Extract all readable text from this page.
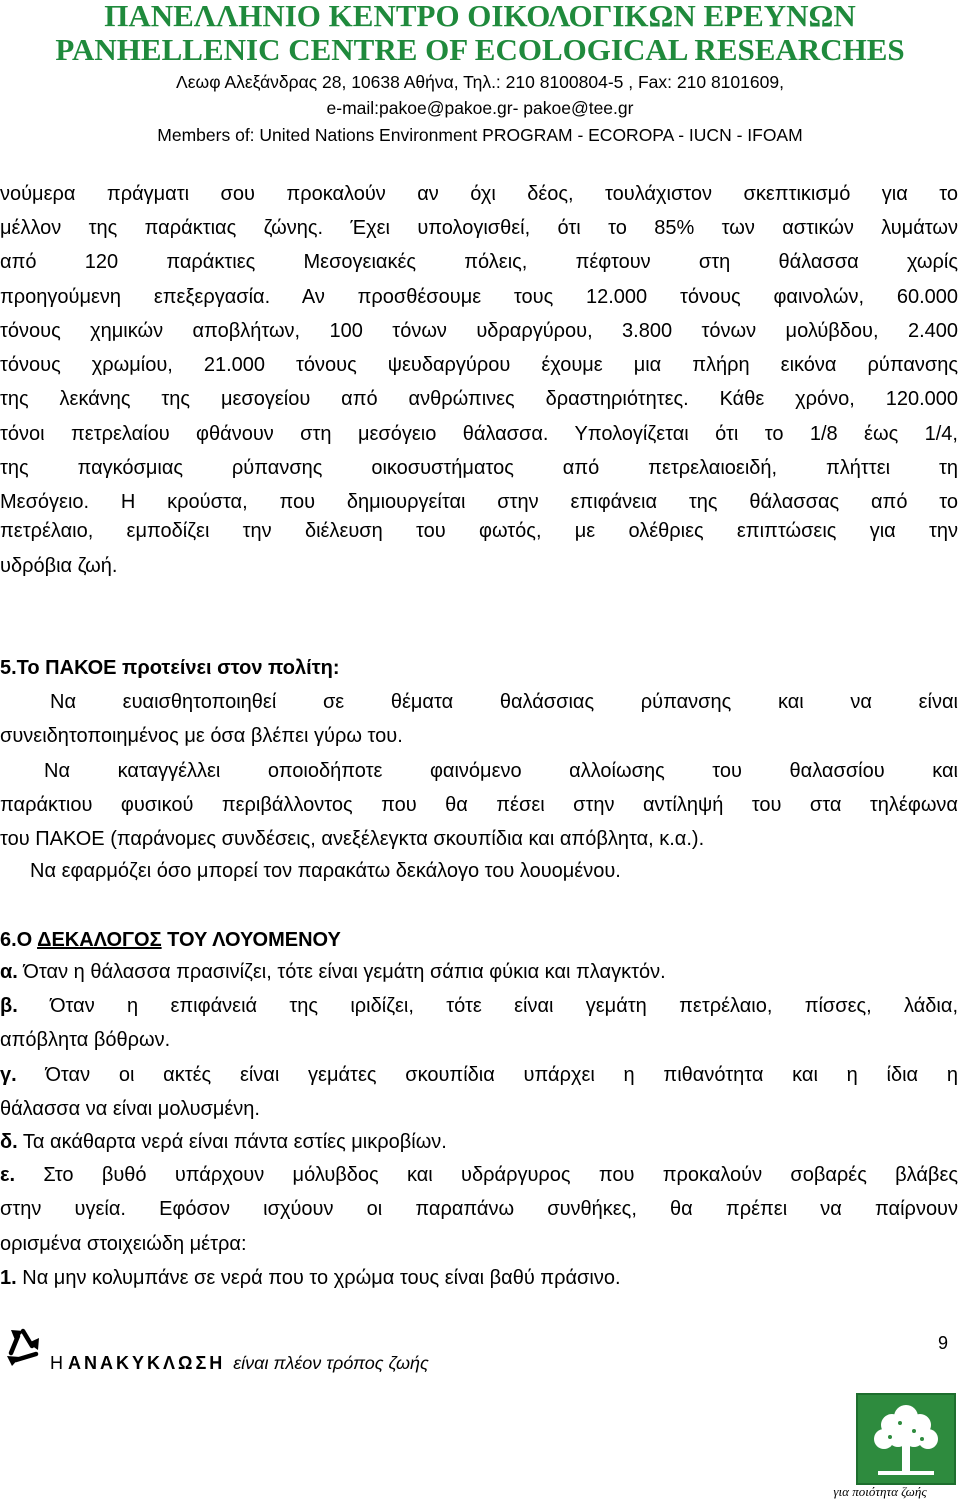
ΠΑΝΕΛΛΗΝΙΟ ΚΕΝΤΡΟ ΟΙΚΟΛΟΓΙΚΩΝ ΕΡΕΥΝΩΝ
PANHELLENIC CENTRE OF ECOLOGICAL RESEARCHES
Λεωφ Αλεξάνδρας 28, 10638 Αθήνα, Τηλ.: 210 8100804-5 , Fax: 210 8101609,
e-mail:pakoe@pakoe.gr- pakoe@tee.gr
Members of: United Nations Environment PROGRAM - ECOROPA - IUCN - IFOAM
νούμερα πράγματι σου προκαλούν αν όχι δέος, τουλάχιστον σκεπτικισμό για το
μέλλον της παράκτιας ζώνης. Έχει υπολογισθεί, ότι το 85% των αστικών λυμάτων
από 120 παράκτιες Μεσογειακές πόλεις, πέφτουν στη θάλασσα χωρίς
προηγούμενη επεξεργασία. Αν προσθέσουμε τους 12.000 τόνους φαινολών, 60.000
τόνους χημικών αποβλήτων, 100 τόνων υδραργύρου, 3.800 τόνων μολύβδου, 2.400
τόνους χρωμίου, 21.000 τόνους ψευδαργύρου έχουμε μια πλήρη εικόνα ρύπανσης
της λεκάνης της μεσογείου από ανθρώπινες δραστηριότητες. Κάθε χρόνο, 120.000
τόνοι πετρελαίου φθάνουν στη μεσόγειο θάλασσα. Υπολογίζεται ότι το 1/8 έως 1/4,
της παγκόσμιας ρύπανσης οικοσυστήματος από πετρελαιοειδή, πλήττει τη
Μεσόγειο. Η κρούστα, που δημιουργείται στην επιφάνεια της θάλασσας από το
πετρέλαιο, εμποδίζει την διέλευση του φωτός, με ολέθριες επιπτώσεις για την
υδρόβια ζωή.
5.Το ΠΑΚΟΕ προτείνει στον πολίτη:
Να ευαισθητοποιηθεί σε θέματα θαλάσσιας ρύπανσης και να είναι
συνειδητοποιημένος με όσα βλέπει γύρω του.
Να καταγγέλλει οποιοδήποτε φαινόμενο αλλοίωσης του θαλασσίου και
παράκτιου φυσικού περιβάλλοντος που θα πέσει στην αντίληψή του στα τηλέφωνα
του ΠΑΚΟΕ (παράνομες συνδέσεις, ανεξέλεγκτα σκουπίδια και απόβλητα, κ.α.).
Να εφαρμόζει όσο μπορεί τον παρακάτω δεκάλογο του λουομένου.
6.Ο ΔΕΚΑΛΟΓΟΣ ΤΟΥ ΛΟΥΟΜΕΝΟΥ
α. Όταν η θάλασσα πρασινίζει, τότε είναι γεμάτη σάπια φύκια και πλαγκτόν.
β. Όταν η επιφάνειά της ιριδίζει, τότε είναι γεμάτη πετρέλαιο, πίσσες, λάδια,
απόβλητα βόθρων.
γ. Όταν οι ακτές είναι γεμάτες σκουπίδια υπάρχει η πιθανότητα και η ίδια η
θάλασσα να είναι μολυσμένη.
δ. Τα ακάθαρτα νερά είναι πάντα εστίες μικροβίων.
ε. Στο βυθό υπάρχουν μόλυβδος και υδράργυρος που προκαλούν σοβαρές βλάβες
στην υγεία. Εφόσον ισχύουν οι παραπάνω συνθήκες, θα πρέπει να παίρνουν
ορισμένα στοιχειώδη μέτρα:
1. Να μην κολυμπάνε σε νερά που το χρώμα τους είναι βαθύ πράσινο.
Η ΑΝΑΚΥΚΛΩΣΗ είναι πλέον τρόπος ζωής
9
για ποιότητα ζωής
